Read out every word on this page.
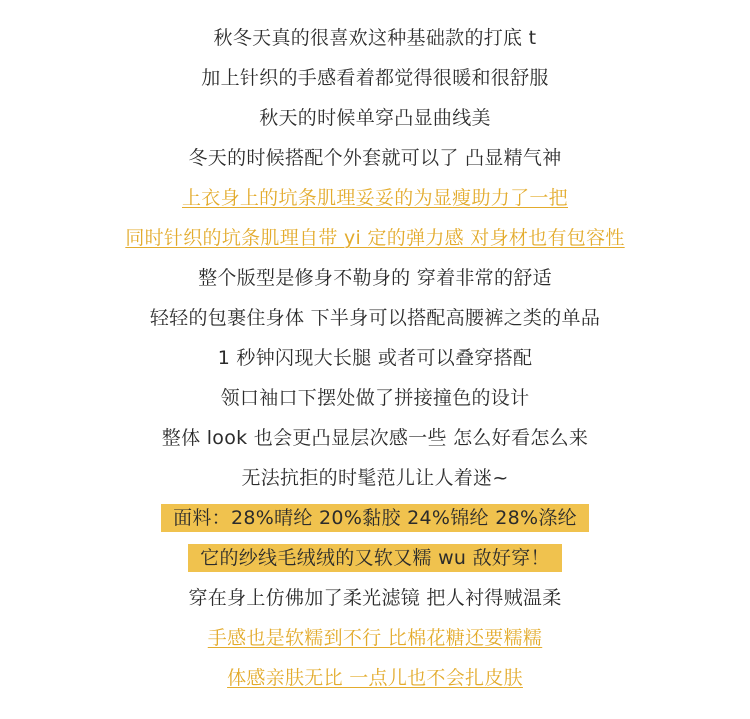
秋冬天真的很喜欢这种基础款的打底 t
加上针织的手感看着都觉得很暖和很舒服
秋天的时候单穿凸显曲线美
冬天的时候搭配个外套就可以了 凸显精气神
上衣身上的坑条肌理妥妥的为显瘦助力了一把
同时针织的坑条肌理自带 yi 定的弹力感 对身材也有包容性
整个版型是修身不勒身的 穿着非常的舒适
轻轻的包裹住身体 下半身可以搭配高腰裤之类的单品
1 秒钟闪现大长腿 或者可以叠穿搭配
领口袖口下摆处做了拼接撞色的设计
整体 look 也会更凸显层次感一些 怎么好看怎么来
无法抗拒的时髦范儿让人着迷~
面料：28%晴纶 20%黏胶 24%锦纶 28%涤纶
它的纱线毛绒绒的又软又糯 wu 敌好穿！
穿在身上仿佛加了柔光滤镜 把人衬得贼温柔
手感也是软糯到不行 比棉花糖还要糯糯
体感亲肤无比 一点儿也不会扎皮肤
